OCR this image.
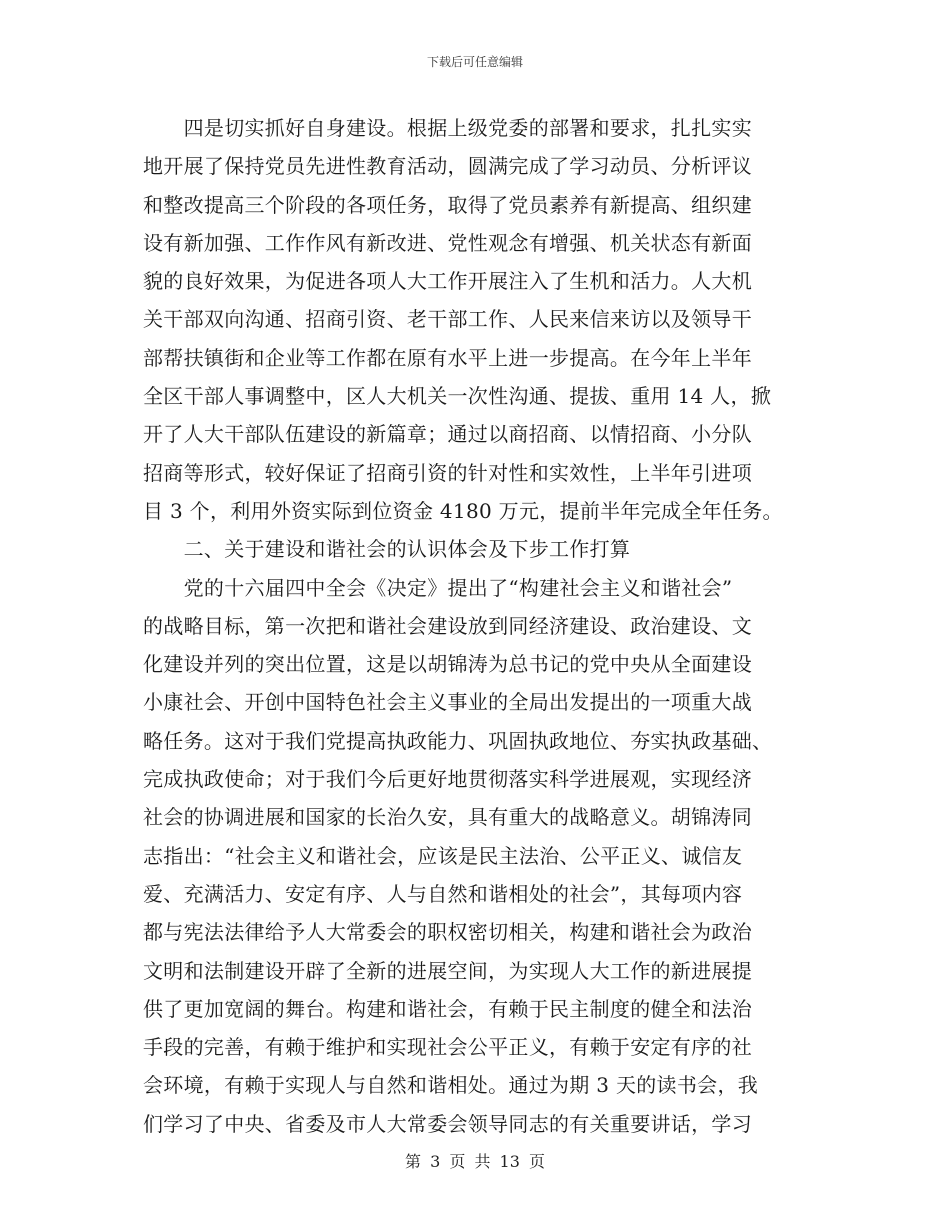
下载后可任意编辑
　　四是切实抓好自身建设。根据上级党委的部署和要求，扎扎实实
地开展了保持党员先进性教育活动，圆满完成了学习动员、分析评议
和整改提高三个阶段的各项任务，取得了党员素养有新提高、组织建
设有新加强、工作作风有新改进、党性观念有增强、机关状态有新面
貌的良好效果，为促进各项人大工作开展注入了生机和活力。人大机
关干部双向沟通、招商引资、老干部工作、人民来信来访以及领导干
部帮扶镇街和企业等工作都在原有水平上进一步提高。在今年上半年
全区干部人事调整中，区人大机关一次性沟通、提拔、重用 14 人，掀
开了人大干部队伍建设的新篇章；通过以商招商、以情招商、小分队
招商等形式，较好保证了招商引资的针对性和实效性，上半年引进项
目 3 个，利用外资实际到位资金 4180 万元，提前半年完成全年任务。
　　二、关于建设和谐社会的认识体会及下步工作打算
　　党的十六届四中全会《决定》提出了“构建社会主义和谐社会”
的战略目标，第一次把和谐社会建设放到同经济建设、政治建设、文
化建设并列的突出位置，这是以胡锦涛为总书记的党中央从全面建设
小康社会、开创中国特色社会主义事业的全局出发提出的一项重大战
略任务。这对于我们党提高执政能力、巩固执政地位、夯实执政基础、
完成执政使命；对于我们今后更好地贯彻落实科学进展观，实现经济
社会的协调进展和国家的长治久安，具有重大的战略意义。胡锦涛同
志指出：“社会主义和谐社会，应该是民主法治、公平正义、诚信友
爱、充满活力、安定有序、人与自然和谐相处的社会”，其每项内容
都与宪法法律给予人大常委会的职权密切相关，构建和谐社会为政治
文明和法制建设开辟了全新的进展空间，为实现人大工作的新进展提
供了更加宽阔的舞台。构建和谐社会，有赖于民主制度的健全和法治
手段的完善，有赖于维护和实现社会公平正义，有赖于安定有序的社
会环境，有赖于实现人与自然和谐相处。通过为期 3 天的读书会，我
们学习了中央、省委及市人大常委会领导同志的有关重要讲话，学习
第 3 页 共 13 页
